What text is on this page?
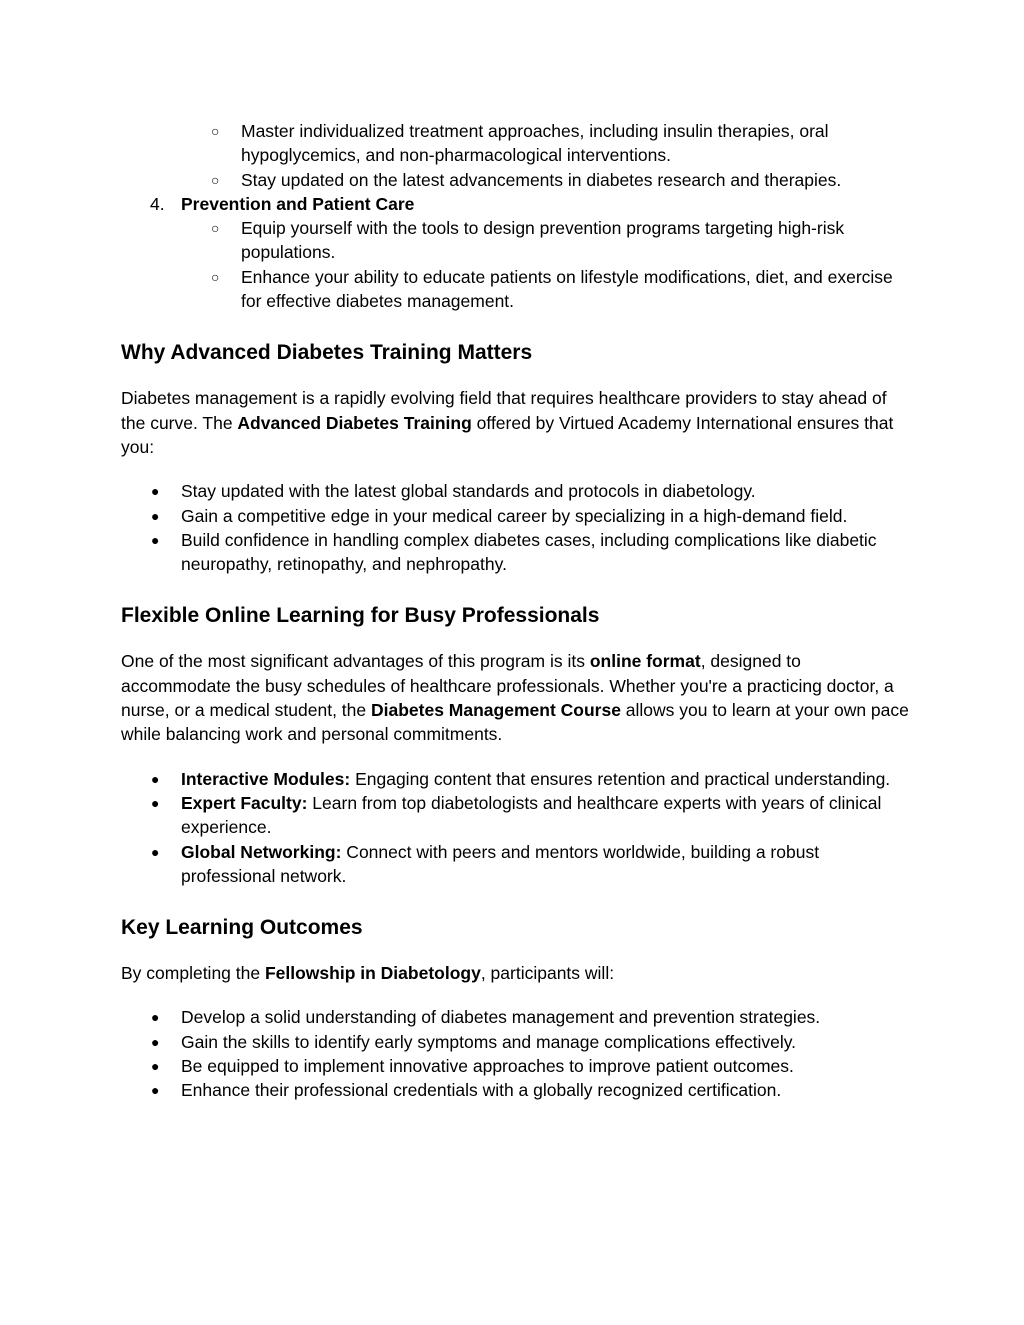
○ Master individualized treatment approaches, including insulin therapies, oral hypoglycemics, and non-pharmacological interventions.
○ Stay updated on the latest advancements in diabetes research and therapies.
4. Prevention and Patient Care
○ Equip yourself with the tools to design prevention programs targeting high-risk populations.
○ Enhance your ability to educate patients on lifestyle modifications, diet, and exercise for effective diabetes management.
Why Advanced Diabetes Training Matters

Diabetes management is a rapidly evolving field that requires healthcare providers to stay ahead of the curve. The Advanced Diabetes Training offered by Virtued Academy International ensures that you:

● Stay updated with the latest global standards and protocols in diabetology.
● Gain a competitive edge in your medical career by specializing in a high-demand field.
● Build confidence in handling complex diabetes cases, including complications like diabetic neuropathy, retinopathy, and nephropathy.
Flexible Online Learning for Busy Professionals

One of the most significant advantages of this program is its online format, designed to accommodate the busy schedules of healthcare professionals. Whether you're a practicing doctor, a nurse, or a medical student, the Diabetes Management Course allows you to learn at your own pace while balancing work and personal commitments.

● Interactive Modules: Engaging content that ensures retention and practical understanding.
● Expert Faculty: Learn from top diabetologists and healthcare experts with years of clinical experience.
● Global Networking: Connect with peers and mentors worldwide, building a robust professional network.
Key Learning Outcomes

By completing the Fellowship in Diabetology, participants will:

● Develop a solid understanding of diabetes management and prevention strategies.
● Gain the skills to identify early symptoms and manage complications effectively.
● Be equipped to implement innovative approaches to improve patient outcomes.
● Enhance their professional credentials with a globally recognized certification.
